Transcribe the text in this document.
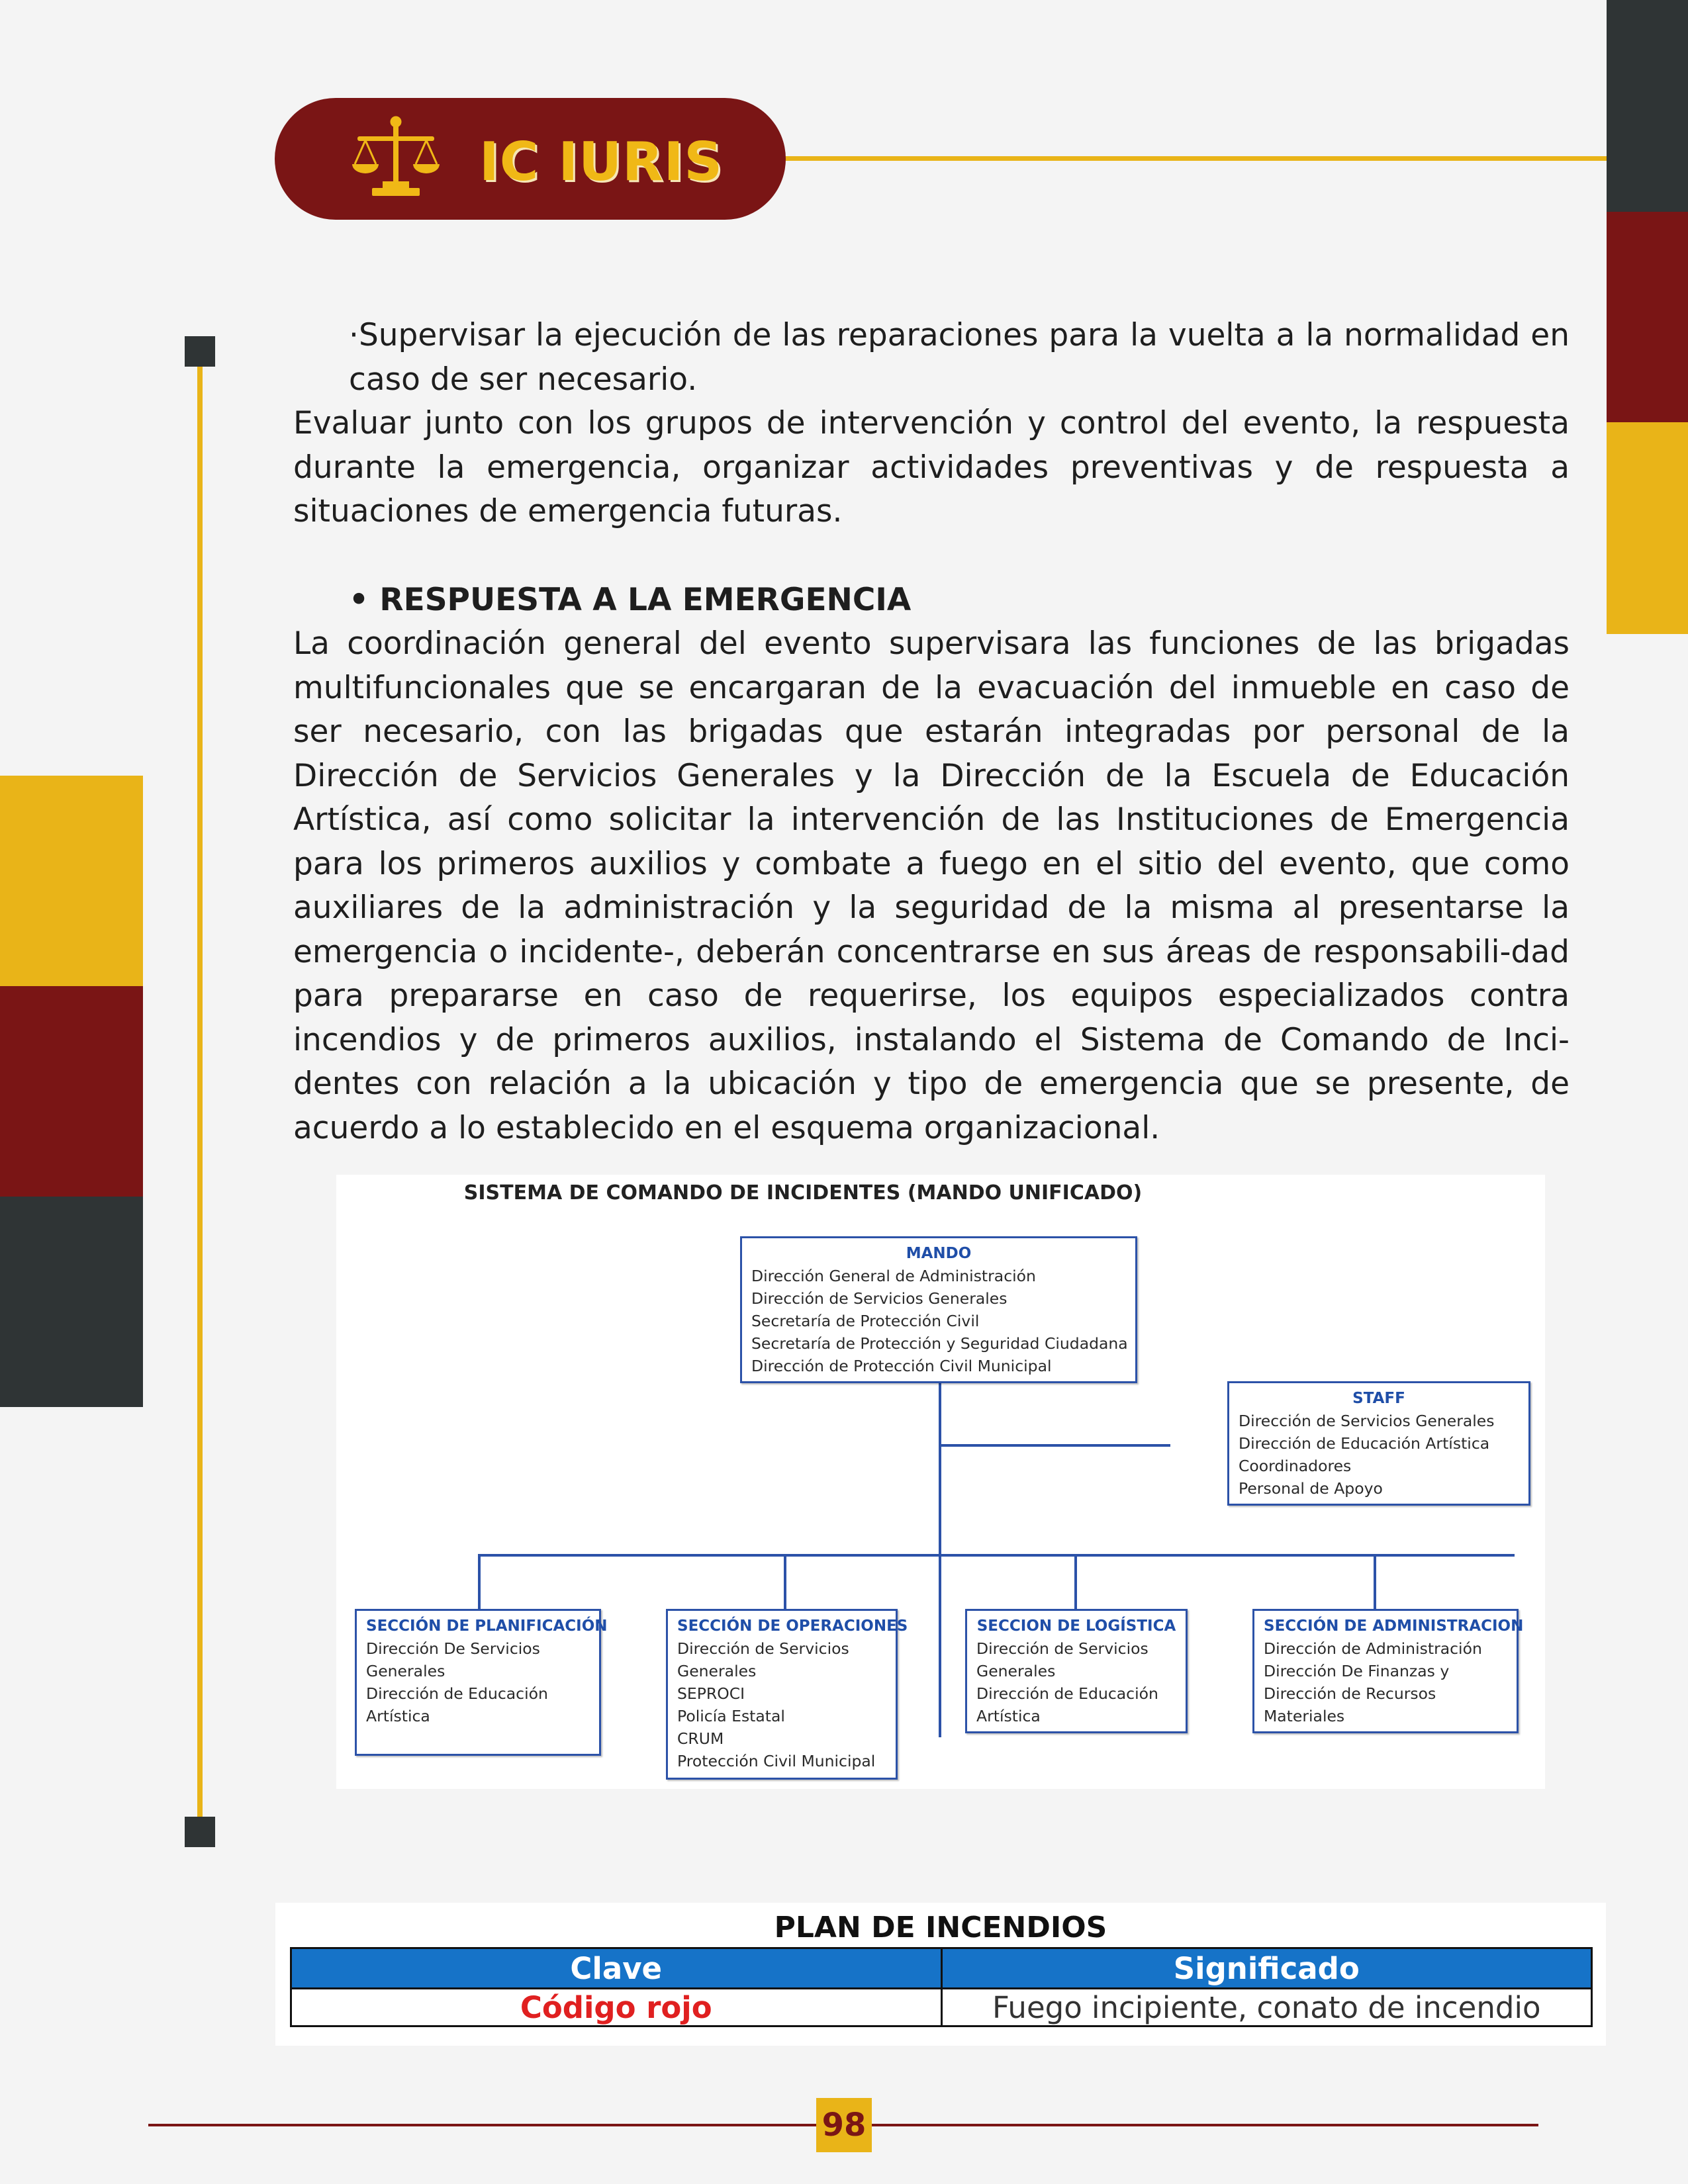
IC IURIS
·Supervisar la ejecución de las reparaciones para la vuelta a la normalidad en caso de ser necesario.
Evaluar junto con los grupos de intervención y control del evento, la respuesta durante la emergencia, organizar actividades preventivas y de respuesta a situaciones de emergencia futuras.
• RESPUESTA A LA EMERGENCIA
La coordinación general del evento supervisara las funciones de las brigadas multifuncionales que se encargaran de la evacuación del inmueble en caso de ser necesario, con las brigadas que estarán integradas por personal de la Dirección de Servicios Generales y la Dirección de la Escuela de Educación Artística, así como solicitar la intervención de las Instituciones de Emergencia para los primeros auxilios y combate a fuego en el sitio del evento, que como auxiliares de la administración y la seguridad de la misma al presentarse la emergencia o incidente-, deberán concentrarse en sus áreas de responsabili-dad para prepararse en caso de requerirse, los equipos especializados contra incendios y de primeros auxilios, instalando el Sistema de Comando de Inci-dentes con relación a la ubicación y tipo de emergencia que se presente, de acuerdo a lo establecido en el esquema organizacional.
SISTEMA DE COMANDO DE INCIDENTES (MANDO UNIFICADO)
MANDO
Dirección General de Administración
Dirección de Servicios Generales
Secretaría de Protección Civil
Secretaría de Protección y Seguridad Ciudadana
Dirección de Protección Civil Municipal
STAFF
Dirección de Servicios Generales
Dirección de Educación Artística
Coordinadores
Personal de Apoyo
SECCIÓN DE PLANIFICACIÓN
Dirección De Servicios
Generales
Dirección de Educación
Artística
SECCIÓN DE OPERACIONES
Dirección de Servicios
Generales
SEPROCI
Policía Estatal
CRUM
Protección Civil Municipal
SECCION DE LOGÍSTICA
Dirección de Servicios
Generales
Dirección de Educación
Artística
SECCIÓN DE ADMINISTRACION
Dirección de Administración
Dirección De Finanzas y
Dirección de Recursos
Materiales
PLAN DE INCENDIOS
Clave	Significado
Código rojo	Fuego incipiente, conato de incendio
98
